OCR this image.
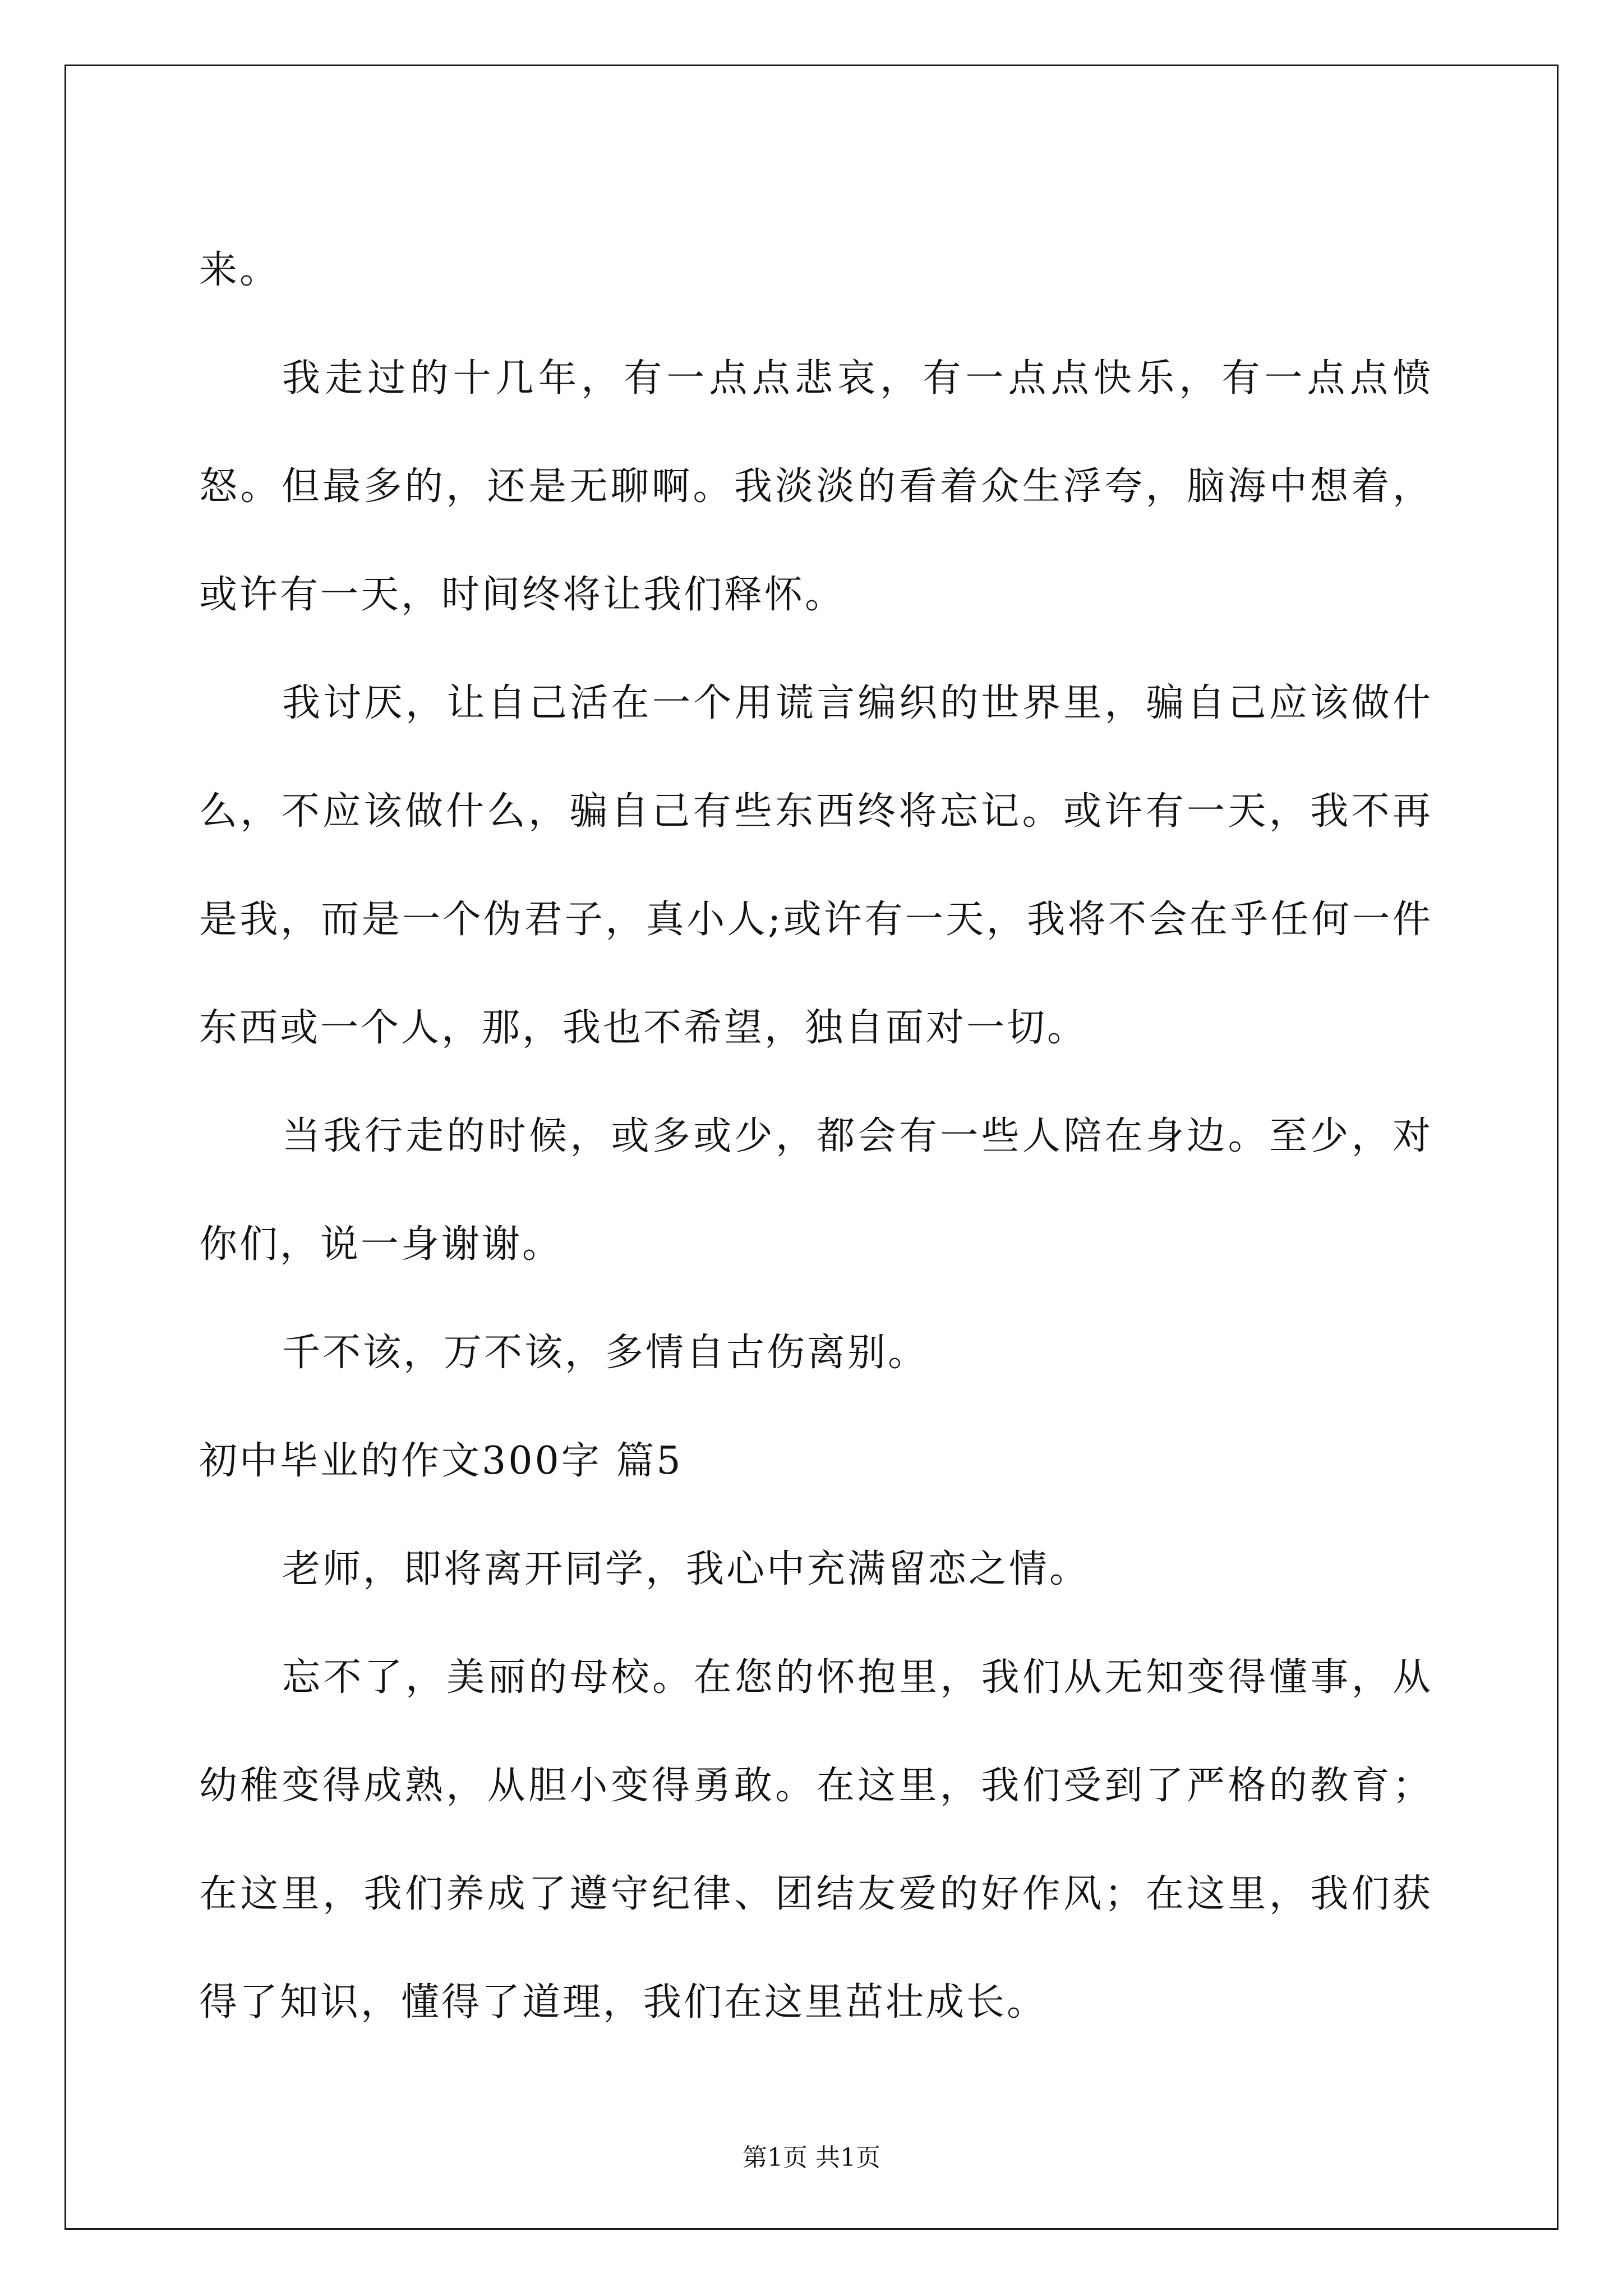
来。

我走过的十几年，有一点点悲哀，有一点点快乐，有一点点愤怒。但最多的，还是无聊啊。我淡淡的看着众生浮夸，脑海中想着，或许有一天，时间终将让我们释怀。

我讨厌，让自己活在一个用谎言编织的世界里，骗自己应该做什么，不应该做什么，骗自己有些东西终将忘记。或许有一天，我不再是我，而是一个伪君子，真小人;或许有一天，我将不会在乎任何一件东西或一个人，那，我也不希望，独自面对一切。

当我行走的时候，或多或少，都会有一些人陪在身边。至少，对你们，说一身谢谢。

千不该，万不该，多情自古伤离别。

初中毕业的作文300字 篇5

老师，即将离开同学，我心中充满留恋之情。

忘不了，美丽的母校。在您的怀抱里，我们从无知变得懂事，从幼稚变得成熟，从胆小变得勇敢。在这里，我们受到了严格的教育；在这里，我们养成了遵守纪律、团结友爱的好作风；在这里，我们获得了知识，懂得了道理，我们在这里茁壮成长。

第1页 共1页
